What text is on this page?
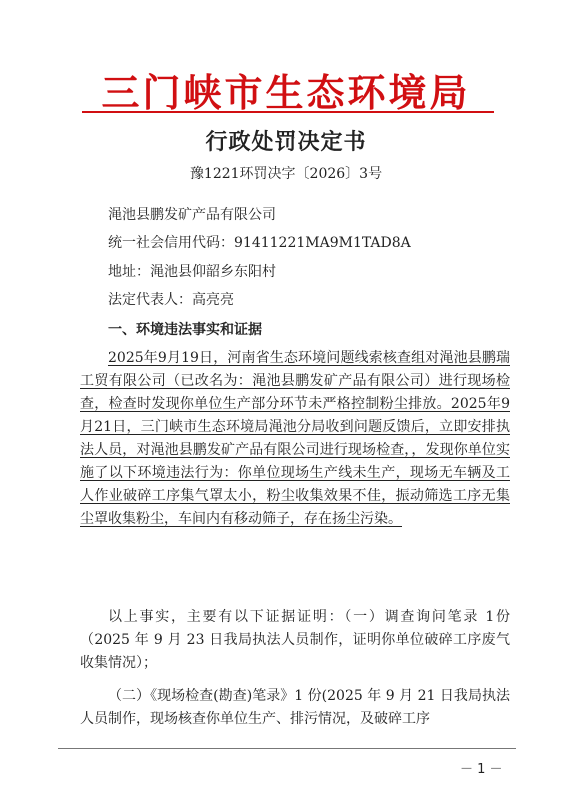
三门峡市生态环境局
行政处罚决定书
豫1221环罚决字〔2026〕3号
渑池县鹏发矿产品有限公司
统一社会信用代码：91411221MA9M1TAD8A
地址：渑池县仰韶乡东阳村
法定代表人：高亮亮
一、环境违法事实和证据
2025年9月19日，河南省生态环境问题线索核查组对渑池县鹏瑞工贸有限公司（已改名为：渑池县鹏发矿产品有限公司）进行现场检查，检查时发现你单位生产部分环节未严格控制粉尘排放。2025年9月21日，三门峡市生态环境局渑池分局收到问题反馈后，立即安排执法人员，对渑池县鹏发矿产品有限公司进行现场检查，，发现你单位实施了以下环境违法行为：你单位现场生产线未生产，现场无车辆及工人作业破碎工序集气罩太小，粉尘收集效果不佳，振动筛选工序无集尘罩收集粉尘，车间内有移动筛子，存在扬尘污染。
以上事实，主要有以下证据证明：（一）调查询问笔录 1份（2025 年 9 月 23 日我局执法人员制作，证明你单位破碎工序废气收集情况）；
（二）《现场检查(勘查)笔录》1 份(2025 年 9 月 21 日我局执法人员制作，现场核查你单位生产、排污情况，及破碎工序
－ 1 －
